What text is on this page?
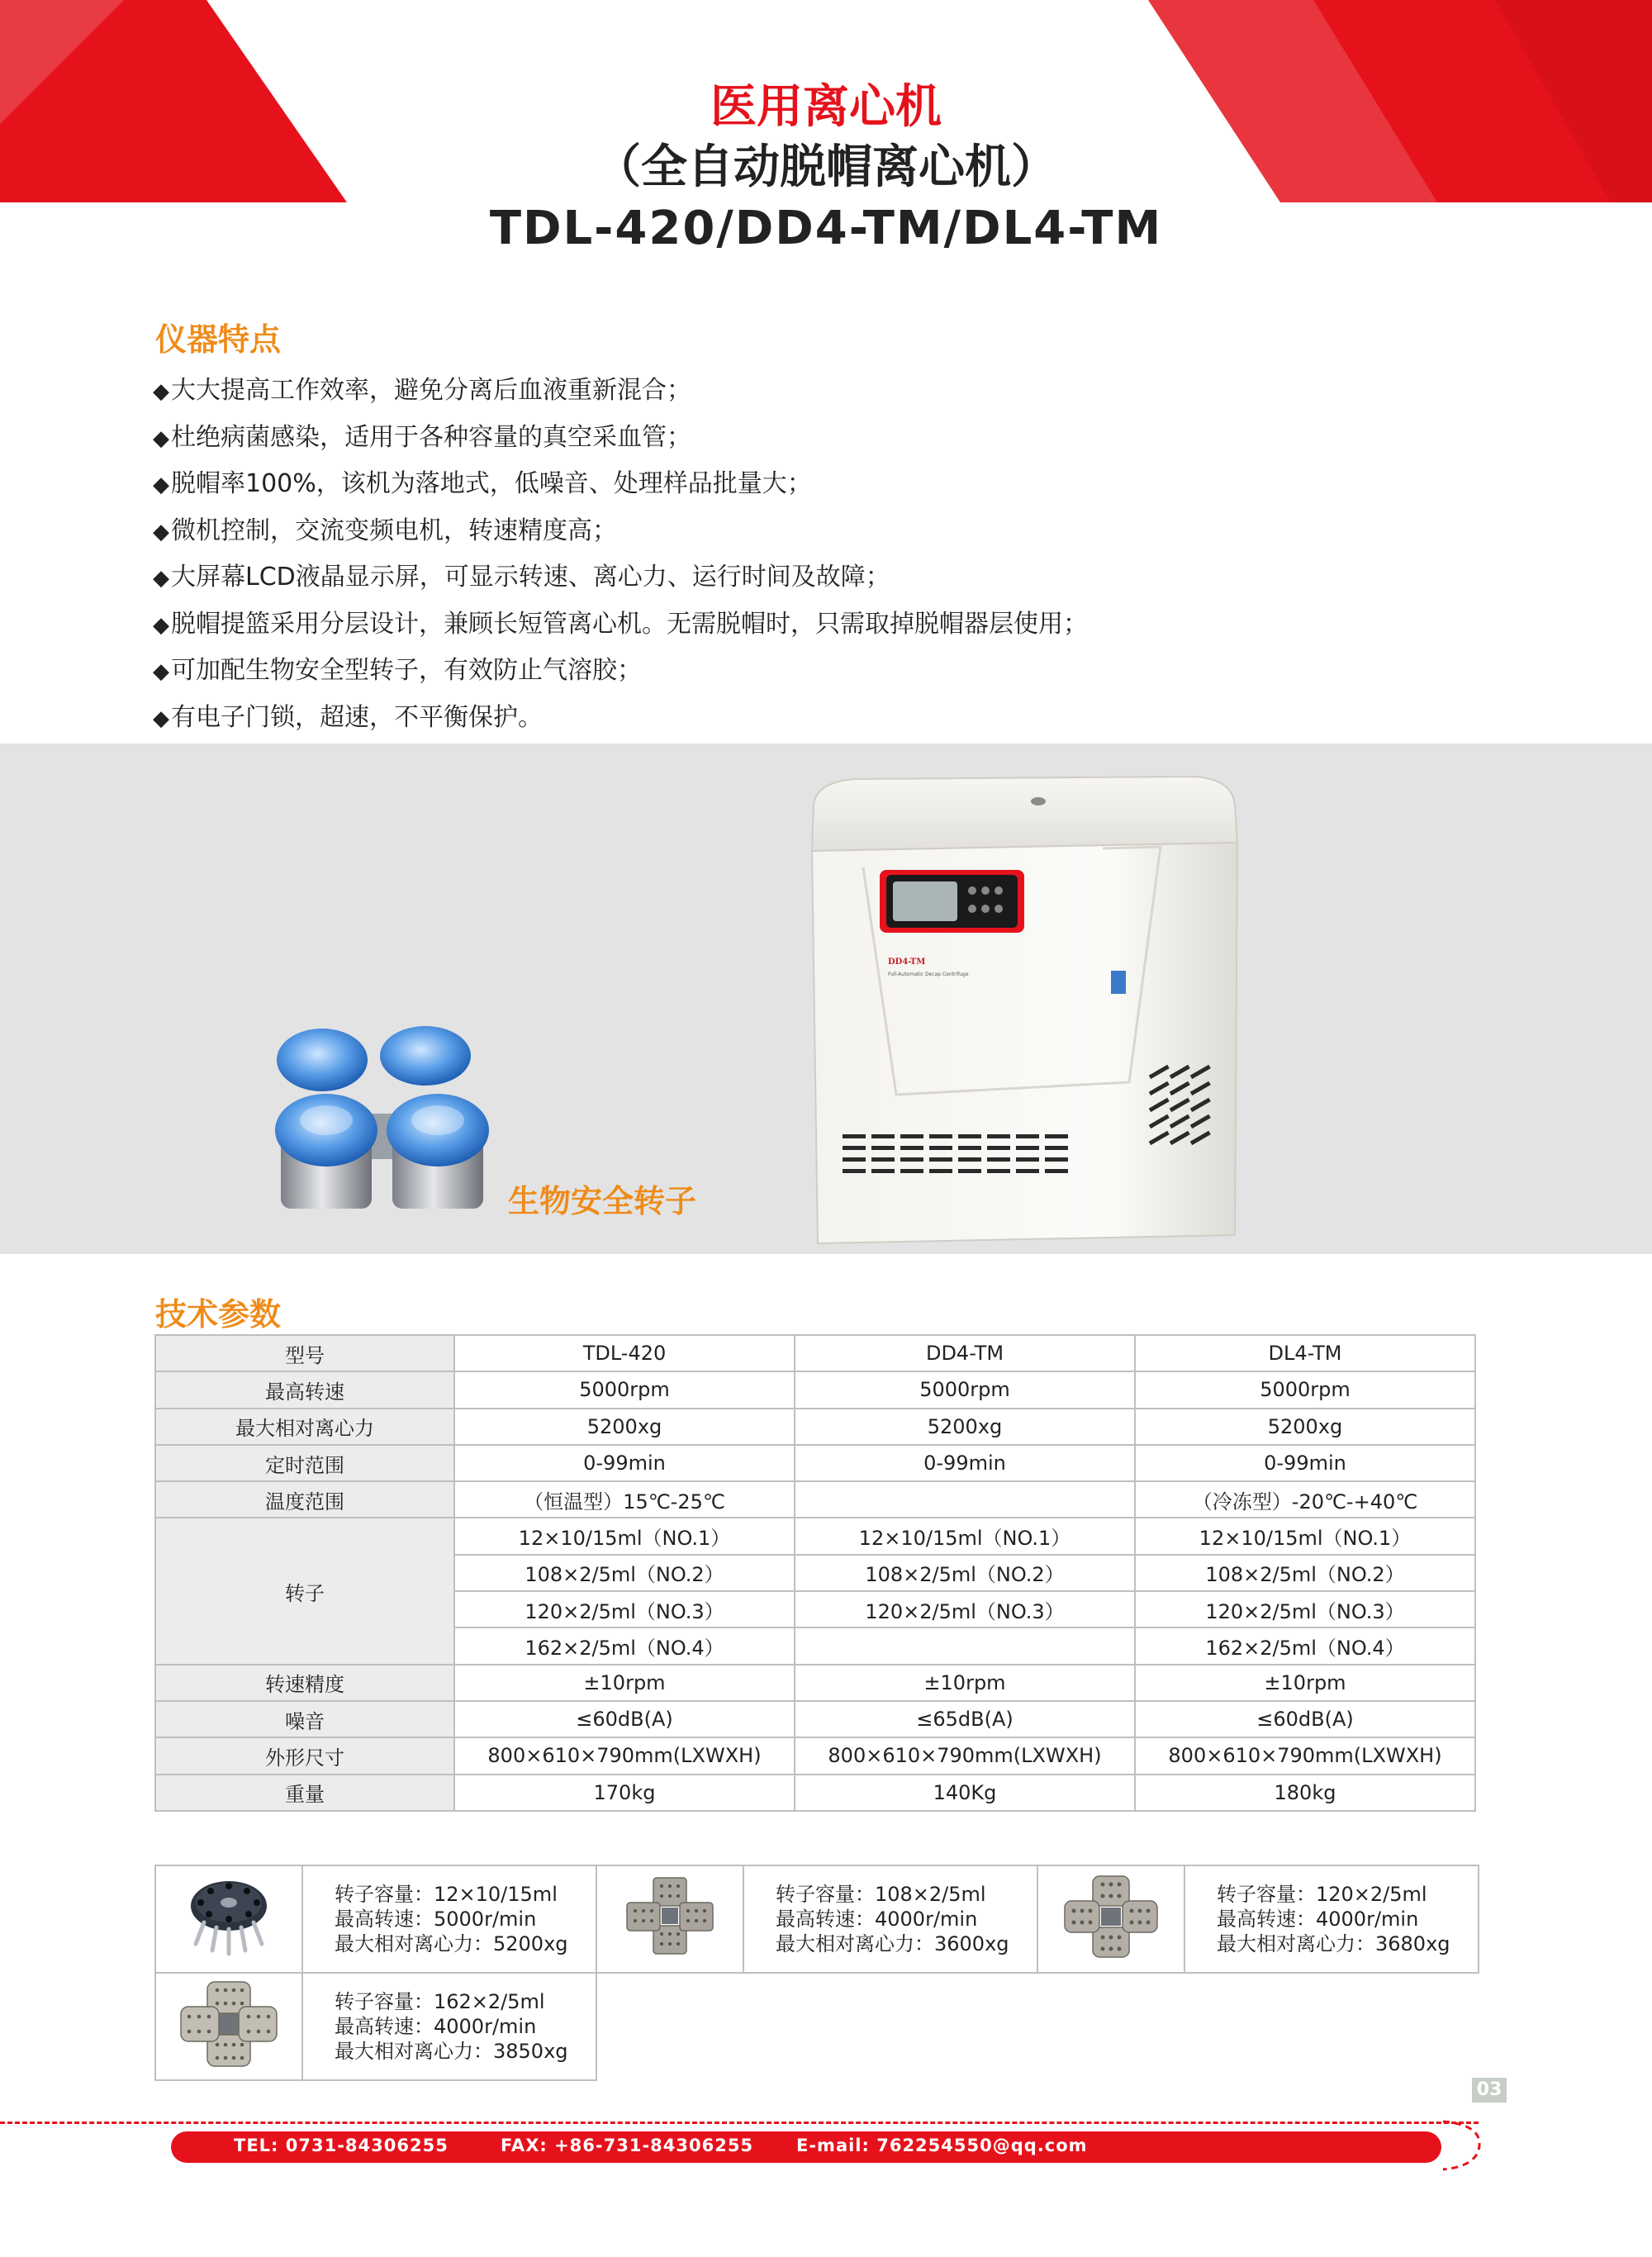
医用离心机
（全自动脱帽离心机）
TDL-420/DD4-TM/DL4-TM
仪器特点
◆大大提高工作效率，避免分离后血液重新混合；
◆杜绝病菌感染，适用于各种容量的真空采血管；
◆脱帽率100%，该机为落地式，低噪音、处理样品批量大；
◆微机控制，交流变频电机，转速精度高；
◆大屏幕LCD液晶显示屏，可显示转速、离心力、运行时间及故障；
◆脱帽提篮采用分层设计，兼顾长短管离心机。无需脱帽时，只需取掉脱帽器层使用；
◆可加配生物安全型转子，有效防止气溶胶；
◆有电子门锁，超速，不平衡保护。
生物安全转子
DD4-TM
Full-Automatic Decap Centrifuge
技术参数
型号	TDL-420	DD4-TM	DL4-TM
最高转速	5000rpm	5000rpm	5000rpm
最大相对离心力	5200xg	5200xg	5200xg
定时范围	0-99min	0-99min	0-99min
温度范围	（恒温型）15℃-25℃		（冷冻型）-20℃-+40℃
转子	12×10/15ml（NO.1）	12×10/15ml（NO.1）	12×10/15ml（NO.1）
	108×2/5ml（NO.2）	108×2/5ml（NO.2）	108×2/5ml（NO.2）
	120×2/5ml（NO.3）	120×2/5ml（NO.3）	120×2/5ml（NO.3）
	162×2/5ml（NO.4）		162×2/5ml（NO.4）
转速精度	±10rpm	±10rpm	±10rpm
噪音	≤60dB(A)	≤65dB(A)	≤60dB(A)
外形尺寸	800×610×790mm(LXWXH)	800×610×790mm(LXWXH)	800×610×790mm(LXWXH)
重量	170kg	140Kg	180kg

转子容量：12×10/15ml
最高转速：5000r/min
最大相对离心力：5200xg		转子容量：108×2/5ml
最高转速：4000r/min
最大相对离心力：3600xg		转子容量：120×2/5ml
最高转速：4000r/min
最大相对离心力：3680xg

转子容量：162×2/5ml
最高转速：4000r/min
最大相对离心力：3850xg				

03
TEL: 0731-84306255	FAX: +86-731-84306255 E-mail: 762254550@qq.com 湖南湘鑫仪器仪表有限公司
